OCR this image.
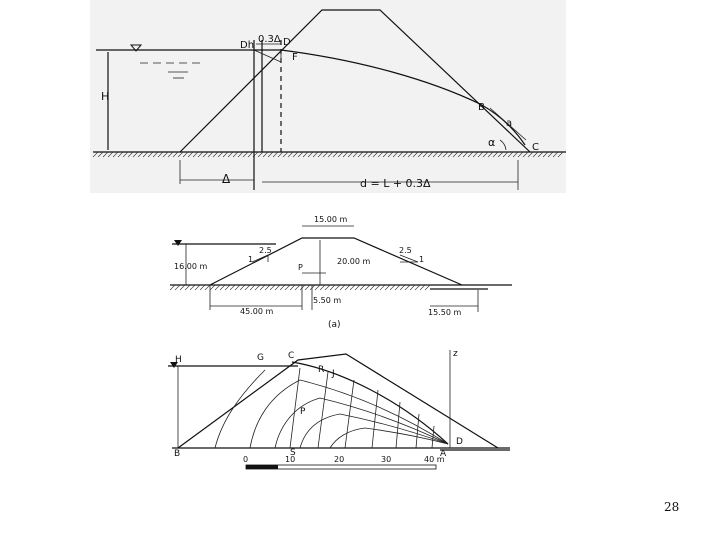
H
0.3Δ
Dh	D
F
B
a
α	C
Δ	d = L + 0.3Δ
16.00 m
15.00 m
2.5
1
2.5
1
20.00 m
P
5.50 m
45.00 m	15.50 m
(a)
z
H	G	C
R J
P
B	S	A
D
0	10	20	30	40 m
28
